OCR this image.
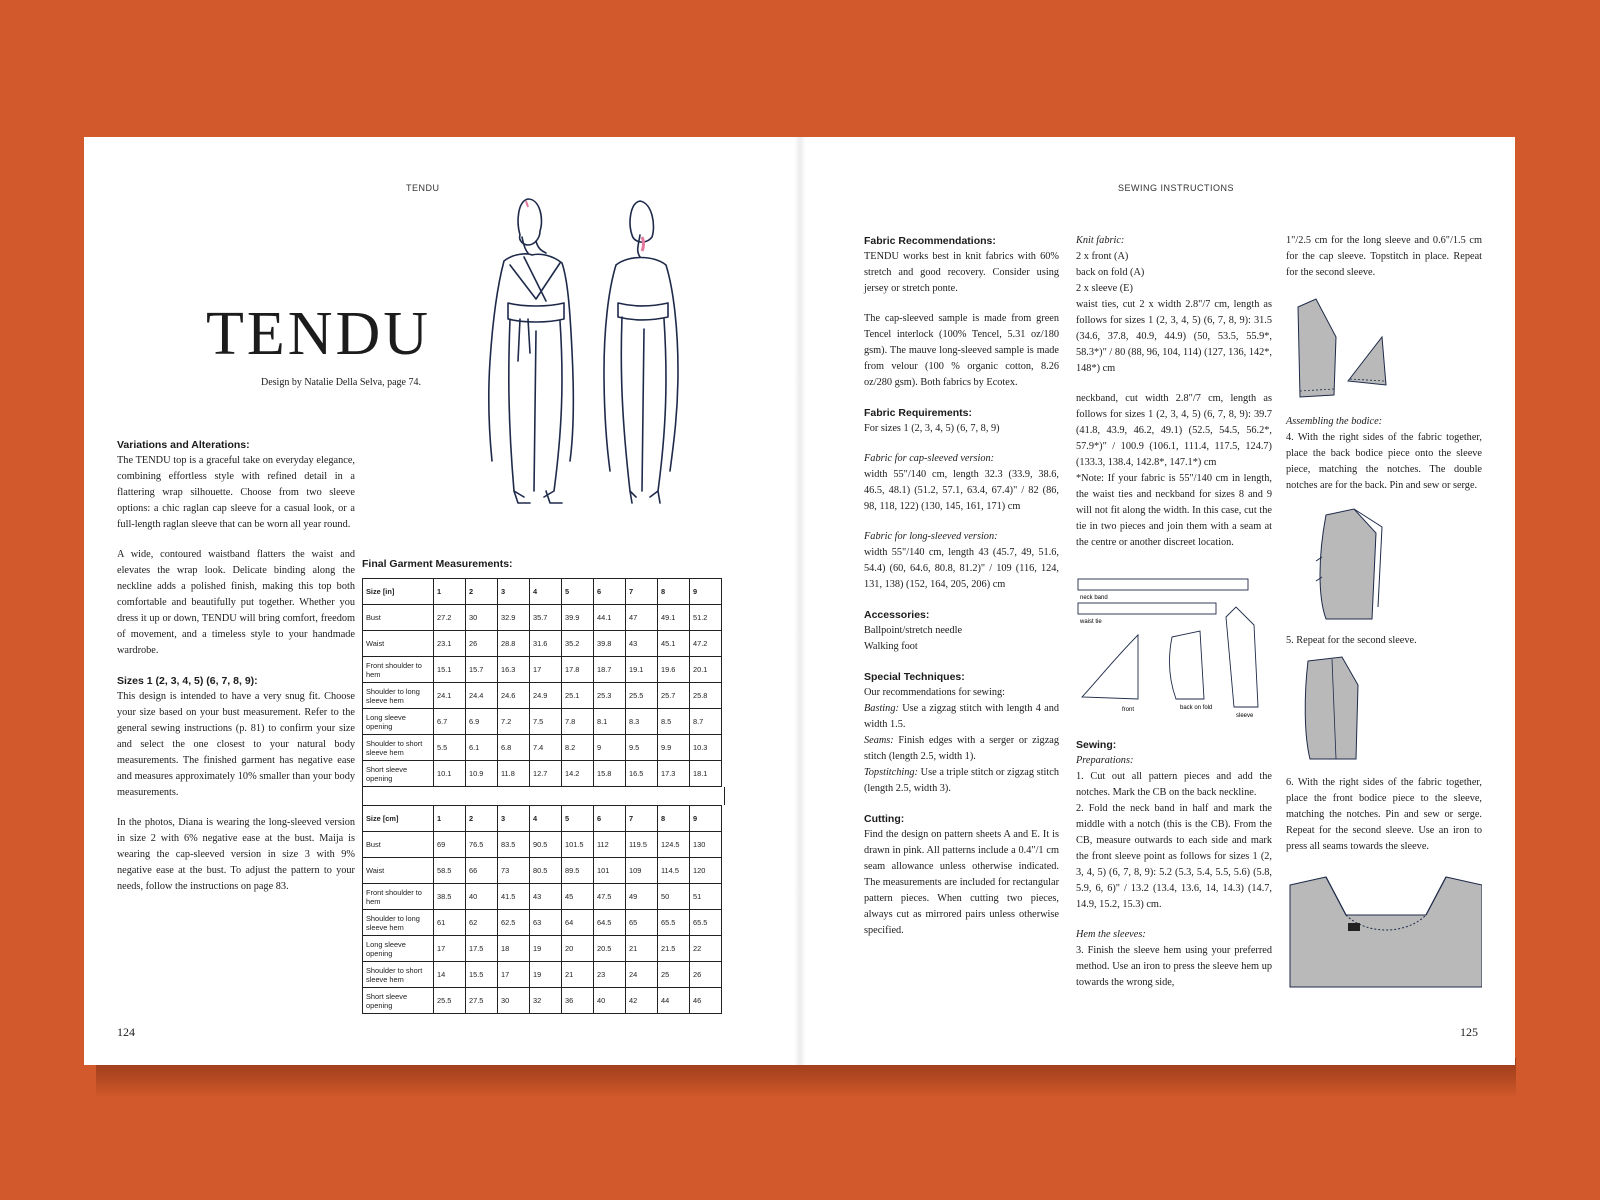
TENDU
TENDU
Design by Natalie Della Selva, page 74.
Variations and Alterations:

The TENDU top is a graceful take on everyday elegance, combining effortless style with refined detail in a flattering wrap silhouette. Choose from two sleeve options: a chic raglan cap sleeve for a casual look, or a full-length raglan sleeve that can be worn all year round.

A wide, contoured waistband flatters the waist and elevates the wrap look. Delicate binding along the neckline adds a polished finish, making this top both comfortable and beautifully put together. Whether you dress it up or down, TENDU will bring comfort, freedom of movement, and a timeless style to your handmade wardrobe.

Sizes 1 (2, 3, 4, 5) (6, 7, 8, 9):

This design is intended to have a very snug fit. Choose your size based on your bust measurement. Refer to the general sewing instructions (p. 81) to confirm your size and select the one closest to your natural body measurements. The finished garment has negative ease and measures approximately 10% smaller than your body measurements.

In the photos, Diana is wearing the long-sleeved version in size 2 with 6% negative ease at the bust. Maija is wearing the cap-sleeved version in size 3 with 9% negative ease at the bust. To adjust the pattern to your needs, follow the instructions on page 83.

Final Garment Measurements:
Size [in]	1	2	3	4	5	6	7	8	9
Bust	27.2	30	32.9	35.7	39.9	44.1	47	49.1	51.2
Waist	23.1	26	28.8	31.6	35.2	39.8	43	45.1	47.2
Front shoulder to hem	15.1	15.7	16.3	17	17.8	18.7	19.1	19.6	20.1
Shoulder to long sleeve hem	24.1	24.4	24.6	24.9	25.1	25.3	25.5	25.7	25.8
Long sleeve opening	6.7	6.9	7.2	7.5	7.8	8.1	8.3	8.5	8.7
Shoulder to short sleeve hem	5.5	6.1	6.8	7.4	8.2	9	9.5	9.9	10.3
Short sleeve opening	10.1	10.9	11.8	12.7	14.2	15.8	16.5	17.3	18.1
Size [cm]	1	2	3	4	5	6	7	8	9
Bust	69	76.5	83.5	90.5	101.5	112	119.5	124.5	130
Waist	58.5	66	73	80.5	89.5	101	109	114.5	120
Front shoulder to hem	38.5	40	41.5	43	45	47.5	49	50	51
Shoulder to long sleeve hem	61	62	62.5	63	64	64.5	65	65.5	65.5
Long sleeve opening	17	17.5	18	19	20	20.5	21	21.5	22
Shoulder to short sleeve hem	14	15.5	17	19	21	23	24	25	26
Short sleeve opening	25.5	27.5	30	32	36	40	42	44	46
124
SEWING INSTRUCTIONS
Fabric Recommendations:

TENDU works best in knit fabrics with 60% stretch and good recovery. Consider using jersey or stretch ponte.

The cap-sleeved sample is made from green Tencel interlock (100% Tencel, 5.31 oz/180 gsm). The mauve long-sleeved sample is made from velour (100 % organic cotton, 8.26 oz/280 gsm). Both fabrics by Ecotex.

Fabric Requirements:

For sizes 1 (2, 3, 4, 5) (6, 7, 8, 9)

Fabric for cap-sleeved version:

width 55"/140 cm, length 32.3 (33.9, 38.6, 46.5, 48.1) (51.2, 57.1, 63.4, 67.4)" / 82 (86, 98, 118, 122) (130, 145, 161, 171) cm

Fabric for long-sleeved version:

width 55"/140 cm, length 43 (45.7, 49, 51.6, 54.4) (60, 64.6, 80.8, 81.2)" / 109 (116, 124, 131, 138) (152, 164, 205, 206) cm

Accessories:
Ballpoint/stretch needle

Walking foot

Special Techniques:
Our recommendations for sewing:
Basting: Use a zigzag stitch with length 4 and width 1.5.
Seams: Finish edges with a serger or zigzag stitch (length 2.5, width 1).

Topstitching: Use a triple stitch or zigzag stitch (length 2.5, width 3).

Cutting:

Find the design on pattern sheets A and E. It is drawn in pink. All patterns include a 0.4"/1 cm seam allowance unless otherwise indicated. The measurements are included for rectangular pattern pieces. When cutting two pieces, always cut as mirrored pairs unless otherwise specified.

Knit fabric:
2 x front (A)
back on fold (A)
2 x sleeve (E)

waist ties, cut 2 x width 2.8"/7 cm, length as follows for sizes 1 (2, 3, 4, 5) (6, 7, 8, 9): 31.5 (34.6, 37.8, 40.9, 44.9) (50, 53.5, 55.9*, 58.3*)" / 80 (88, 96, 104, 114) (127, 136, 142*, 148*) cm

neckband, cut width 2.8"/7 cm, length as follows for sizes 1 (2, 3, 4, 5) (6, 7, 8, 9): 39.7 (41.8, 43.9, 46.2, 49.1) (52.5, 54.5, 56.2*, 57.9*)" / 100.9 (106.1, 111.4, 117.5, 124.7) (133.3, 138.4, 142.8*, 147.1*) cm

*Note: If your fabric is 55"/140 cm in length, the waist ties and neckband for sizes 8 and 9 will not fit along the width. In this case, cut the tie in two pieces and join them with a seam at the centre or another discreet location.

neck band
waist tie
front	back on fold
sleeve
Sewing:
Preparations:
1. Cut out all pattern pieces and add the notches. Mark the CB on the back neckline.

2. Fold the neck band in half and mark the middle with a notch (this is the CB). From the CB, measure outwards to each side and mark the front sleeve point as follows for sizes 1 (2, 3, 4, 5) (6, 7, 8, 9): 5.2 (5.3, 5.4, 5.5, 5.6) (5.8, 5.9, 6, 6)" / 13.2 (13.4, 13.6, 14, 14.3) (14.7, 14.9, 15.2, 15.3) cm.

Hem the sleeves:
3. Finish the sleeve hem using your preferred method. Use an iron to press the sleeve hem up towards the wrong side,
1"/2.5 cm for the long sleeve and 0.6"/1.5 cm for the cap sleeve. Topstitch in place. Repeat for the second sleeve.
Assembling the bodice:
4. With the right sides of the fabric together, place the back bodice piece onto the sleeve piece, matching the notches. The double notches are for the back. Pin and sew or serge.
5. Repeat for the second sleeve.
6. With the right sides of the fabric together, place the front bodice piece to the sleeve, matching the notches. Pin and sew or serge. Repeat for the second sleeve. Use an iron to press all seams towards the sleeve.
125
